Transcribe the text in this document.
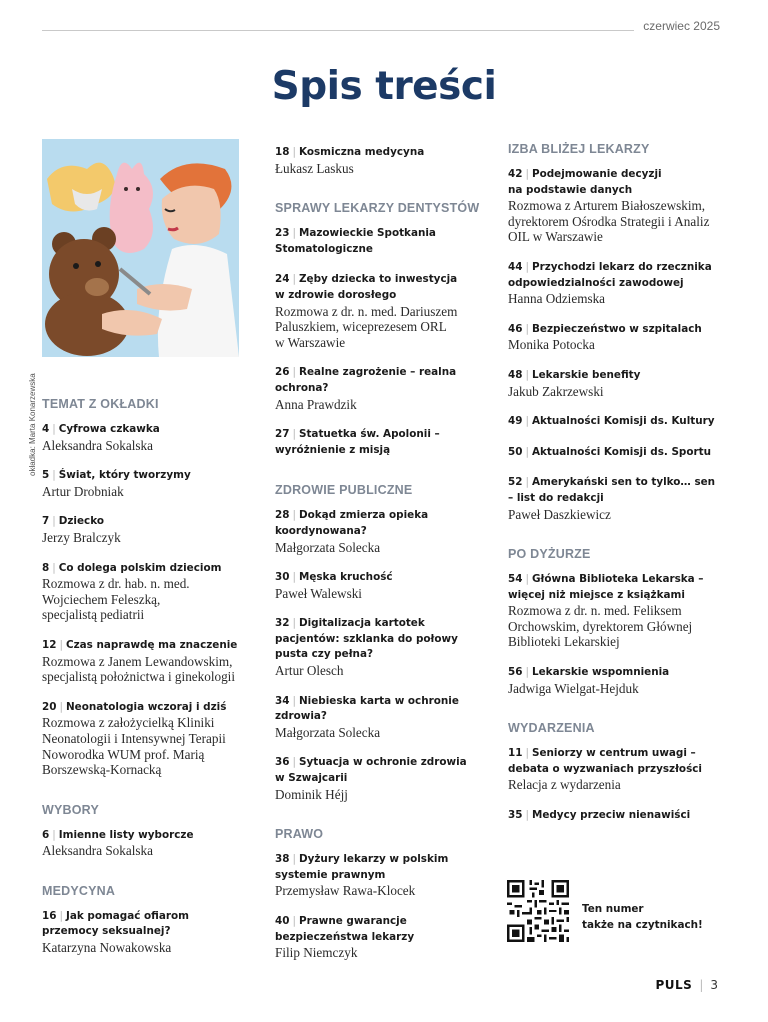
czerwiec 2025
Spis treści
okładka: Marta Konarzewska TEMAT Z OKŁADKI
4 | Cyfrowa czkawka
Aleksandra Sokalska
5 | Świat, który tworzymy
Artur Drobniak
7 | Dziecko
Jerzy Bralczyk
8 | Co dolega polskim dzieciom
Rozmowa z dr. hab. n. med.
Wojciechem Feleszką,
specjalistą pediatrii
12 | Czas naprawdę ma znaczenie
Rozmowa z Janem Lewandowskim,
specjalistą położnictwa i ginekologii
20 | Neonatologia wczoraj i dziś
Rozmowa z założycielką Kliniki
Neonatologii i Intensywnej Terapii
Noworodka WUM prof. Marią
Borszewską-Kornacką
WYBORY
6 | Imienne listy wyborcze
Aleksandra Sokalska
MEDYCYNA
16 | Jak pomagać ofiarom
przemocy seksualnej?
Katarzyna Nowakowska
18 | Kosmiczna medycyna
Łukasz Laskus
SPRAWY LEKARZY DENTYSTÓW
23 | Mazowieckie Spotkania
Stomatologiczne
24 | Zęby dziecka to inwestycja
w zdrowie dorosłego
Rozmowa z dr. n. med. Dariuszem
Paluszkiem, wiceprezesem ORL
w Warszawie
26 | Realne zagrożenie – realna
ochrona?
Anna Prawdzik
27 | Statuetka św. Apolonii –
wyróżnienie z misją
ZDROWIE PUBLICZNE
28 | Dokąd zmierza opieka
koordynowana?
Małgorzata Solecka
30 | Męska kruchość
Paweł Walewski
32 | Digitalizacja kartotek
pacjentów: szklanka do połowy
pusta czy pełna?
Artur Olesch
34 | Niebieska karta w ochronie
zdrowia?
Małgorzata Solecka
36 | Sytuacja w ochronie zdrowia
w Szwajcarii
Dominik Héjj
PRAWO
38 | Dyżury lekarzy w polskim
systemie prawnym
Przemysław Rawa-Klocek
40 | Prawne gwarancje
bezpieczeństwa lekarzy
Filip Niemczyk
IZBA BLIŻEJ LEKARZY
42 | Podejmowanie decyzji
na podstawie danych
Rozmowa z Arturem Białoszewskim,
dyrektorem Ośrodka Strategii i Analiz
OIL w Warszawie
44 | Przychodzi lekarz do rzecznika
odpowiedzialności zawodowej
Hanna Odziemska
46 | Bezpieczeństwo w szpitalach
Monika Potocka
48 | Lekarskie benefity
Jakub Zakrzewski
49 | Aktualności Komisji ds. Kultury
50 | Aktualności Komisji ds. Sportu
52 | Amerykański sen to tylko… sen
– list do redakcji
Paweł Daszkiewicz
PO DYŻURZE
54 | Główna Biblioteka Lekarska –
więcej niż miejsce z książkami
Rozmowa z dr. n. med. Feliksem
Orchowskim, dyrektorem Głównej
Biblioteki Lekarskiej
56 | Lekarskie wspomnienia
Jadwiga Wielgat-Hejduk
WYDARZENIA
11 | Seniorzy w centrum uwagi –
debata o wyzwaniach przyszłości
Relacja z wydarzenia
35 | Medycy przeciw nienawiści
Ten numer
także na czytnikach!
PULS | 3
